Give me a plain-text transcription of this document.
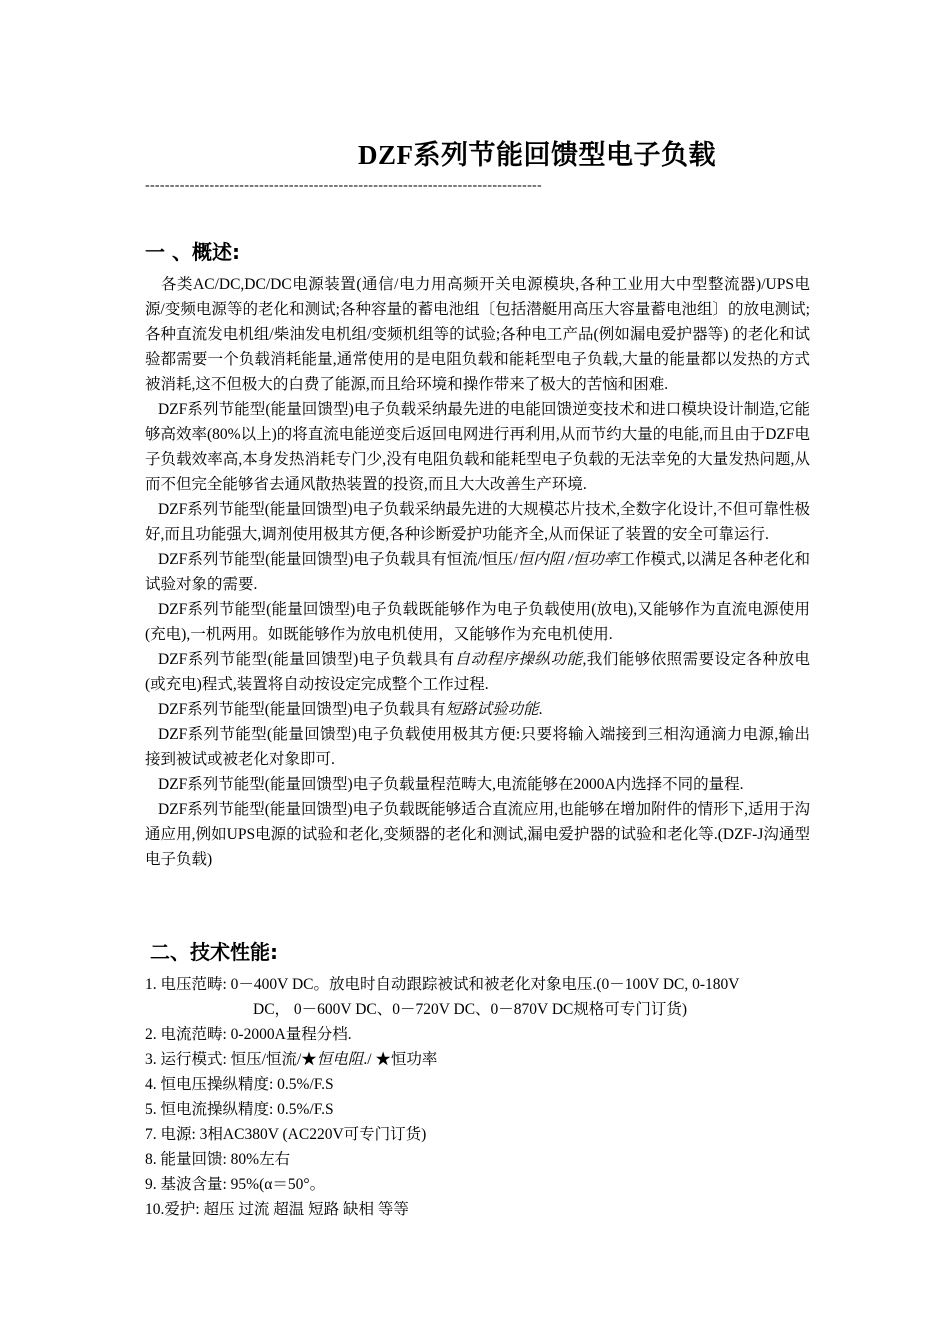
DZF系列节能回馈型电子负载
--------------------------------------------------------------------------------
一 、概述:

各类AC/DC,DC/DC电源装置(通信/电力用高频开关电源模块,各种工业用大中型整流器)/UPS电源/变频电源等的老化和测试;各种容量的蓄电池组〔包括潜艇用高压大容量蓄电池组〕的放电测试;各种直流发电机组/柴油发电机组/变频机组等的试验;各种电工产品(例如漏电爱护器等) 的老化和试验都需要一个负载消耗能量,通常使用的是电阻负载和能耗型电子负载,大量的能量都以发热的方式被消耗,这不但极大的白费了能源,而且给环境和操作带来了极大的苦恼和困难.

DZF系列节能型(能量回馈型)电子负载采纳最先进的电能回馈逆变技术和进口模块设计制造,它能够高效率(80%以上)的将直流电能逆变后返回电网进行再利用,从而节约大量的电能,而且由于DZF电子负载效率高,本身发热消耗专门少,没有电阻负载和能耗型电子负载的无法幸免的大量发热问题,从而不但完全能够省去通风散热装置的投资,而且大大改善生产环境.

DZF系列节能型(能量回馈型)电子负载采纳最先进的大规模芯片技术,全数字化设计,不但可靠性极好,而且功能强大,调剂使用极其方便,各种诊断爱护功能齐全,从而保证了装置的安全可靠运行.

DZF系列节能型(能量回馈型)电子负载具有恒流/恒压/恒内阻 /恒功率工作模式,以满足各种老化和试验对象的需要.

DZF系列节能型(能量回馈型)电子负载既能够作为电子负载使用(放电),又能够作为直流电源使用(充电),一机两用。如既能够作为放电机使用，又能够作为充电机使用.

DZF系列节能型(能量回馈型)电子负载具有自动程序操纵功能,我们能够依照需要设定各种放电(或充电)程式,装置将自动按设定完成整个工作过程.

DZF系列节能型(能量回馈型)电子负载具有短路试验功能.

DZF系列节能型(能量回馈型)电子负载使用极其方便:只要将输入端接到三相沟通滴力电源,输出接到被试或被老化对象即可.

DZF系列节能型(能量回馈型)电子负载量程范畴大,电流能够在2000A内选择不同的量程.

DZF系列节能型(能量回馈型)电子负载既能够适合直流应用,也能够在增加附件的情形下,适用于沟通应用,例如UPS电源的试验和老化,变频器的老化和测试,漏电爱护器的试验和老化等.(DZF-J沟通型电子负载)

二、技术性能:
1. 电压范畴: 0－400V DC。放电时自动跟踪被试和被老化对象电压.(0－100V DC, 0-180V
DC， 0－600V DC、0－720V DC、0－870V DC规格可专门订货)
2. 电流范畴: 0-2000A量程分档.
3. 运行模式: 恒压/恒流/★恒电阻./ ★恒功率
4. 恒电压操纵精度: 0.5%/F.S
5. 恒电流操纵精度: 0.5%/F.S
7. 电源: 3相AC380V (AC220V可专门订货)
8. 能量回馈: 80%左右
9. 基波含量: 95%(α＝50°。
10.爱护: 超压 过流 超温 短路 缺相 等等
